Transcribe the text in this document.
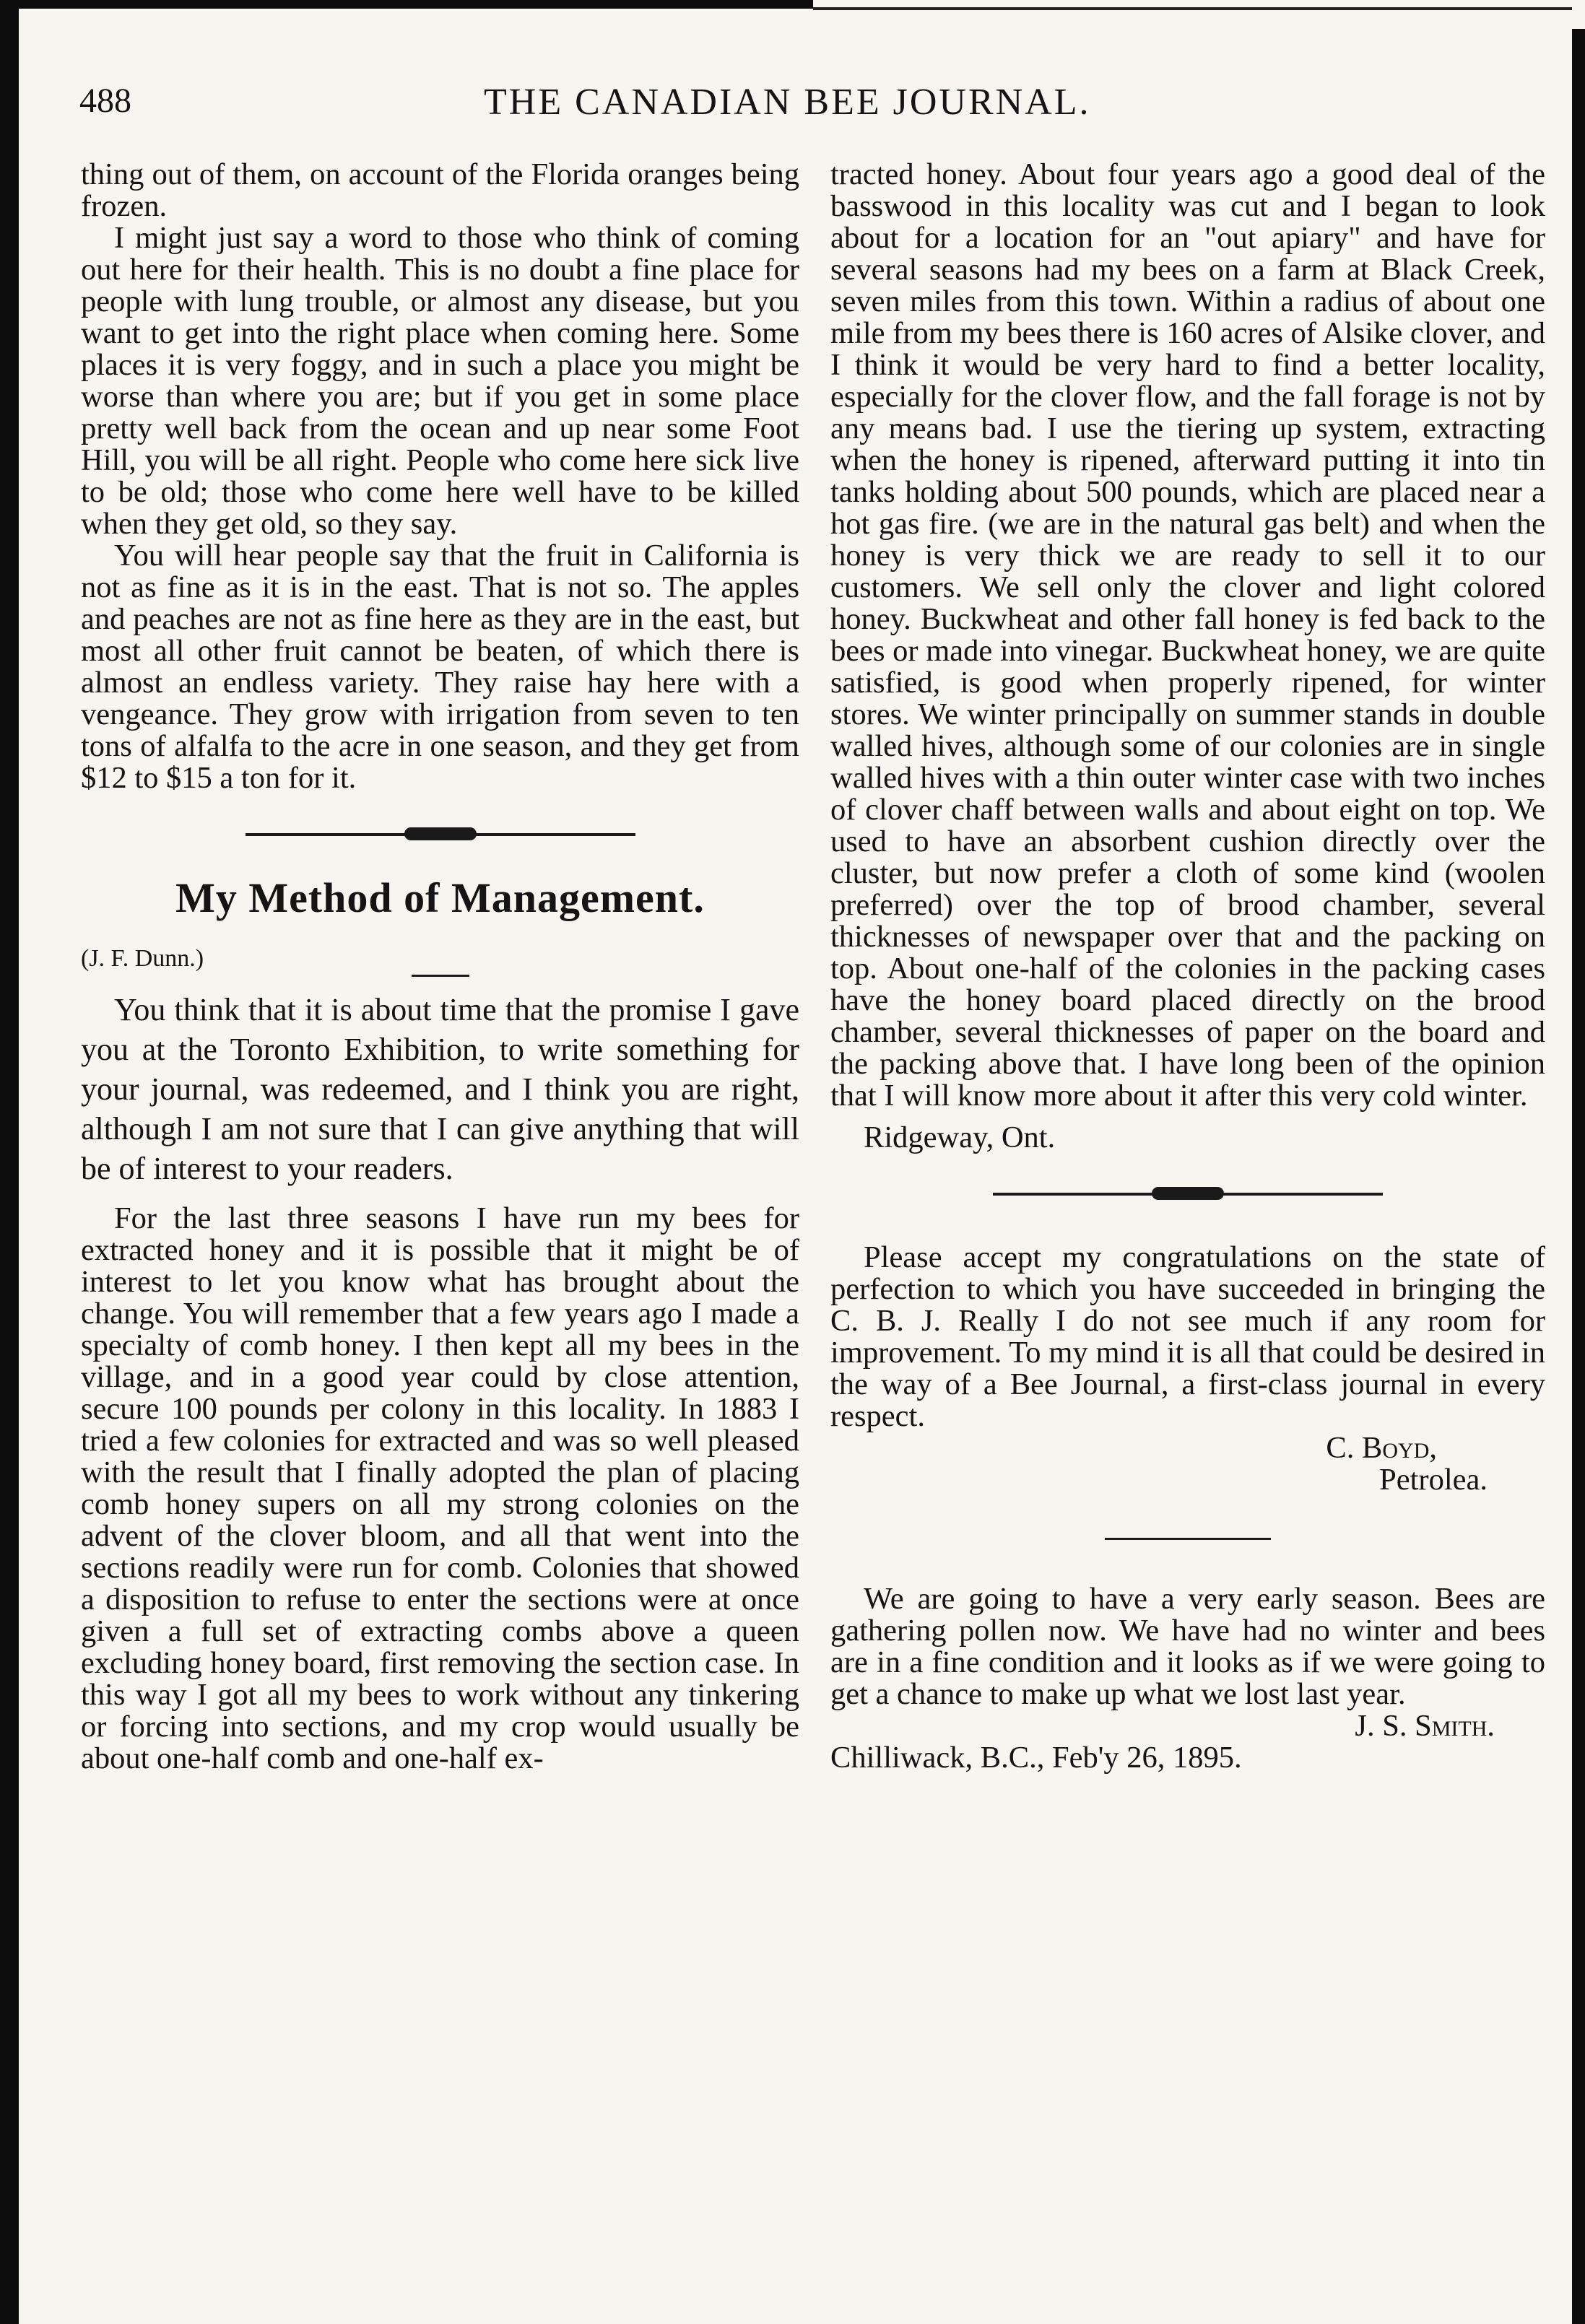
488	THE CANADIAN BEE JOURNAL.

thing out of them, on account of the Florida oranges being frozen.

I might just say a word to those who think of coming out here for their health. This is no doubt a fine place for people with lung trouble, or almost any disease, but you want to get into the right place when coming here. Some places it is very foggy, and in such a place you might be worse than where you are; but if you get in some place pretty well back from the ocean and up near some Foot Hill, you will be all right. People who come here sick live to be old; those who come here well have to be killed when they get old, so they say.

You will hear people say that the fruit in California is not as fine as it is in the east. That is not so. The apples and peaches are not as fine here as they are in the east, but most all other fruit cannot be beaten, of which there is almost an endless variety. They raise hay here with a vengeance. They grow with irrigation from seven to ten tons of alfalfa to the acre in one season, and they get from $12 to $15 a ton for it.

My Method of Management.

(J. F. Dunn.)

You think that it is about time that the promise I gave you at the Toronto Exhibition, to write something for your journal, was redeemed, and I think you are right, although I am not sure that I can give anything that will be of interest to your readers.

For the last three seasons I have run my bees for extracted honey and it is possible that it might be of interest to let you know what has brought about the change. You will remember that a few years ago I made a specialty of comb honey. I then kept all my bees in the village, and in a good year could by close attention, secure 100 pounds per colony in this locality. In 1883 I tried a few colonies for extracted and was so well pleased with the result that I finally adopted the plan of placing comb honey supers on all my strong colonies on the advent of the clover bloom, and all that went into the sections readily were run for comb. Colonies that showed a disposition to refuse to enter the sections were at once given a full set of extracting combs above a queen excluding honey board, first removing the section case. In this way I got all my bees to work without any tinkering or forcing into sections, and my crop would usually be about one-half comb and one-half ex-

tracted honey. About four years ago a good deal of the basswood in this locality was cut and I began to look about for a location for an "out apiary" and have for several seasons had my bees on a farm at Black Creek, seven miles from this town. Within a radius of about one mile from my bees there is 160 acres of Alsike clover, and I think it would be very hard to find a better locality, especially for the clover flow, and the fall forage is not by any means bad. I use the tiering up system, extracting when the honey is ripened, afterward putting it into tin tanks holding about 500 pounds, which are placed near a hot gas fire. (we are in the natural gas belt) and when the honey is very thick we are ready to sell it to our customers. We sell only the clover and light colored honey. Buckwheat and other fall honey is fed back to the bees or made into vinegar. Buckwheat honey, we are quite satisfied, is good when properly ripened, for winter stores. We winter principally on summer stands in double walled hives, although some of our colonies are in single walled hives with a thin outer winter case with two inches of clover chaff between walls and about eight on top. We used to have an absorbent cushion directly over the cluster, but now prefer a cloth of some kind (woolen preferred) over the top of brood chamber, several thicknesses of newspaper over that and the packing on top. About one-half of the colonies in the packing cases have the honey board placed directly on the brood chamber, several thicknesses of paper on the board and the packing above that. I have long been of the opinion that I will know more about it after this very cold winter.

Ridgeway, Ont.

Please accept my congratulations on the state of perfection to which you have succeeded in bringing the C. B. J. Really I do not see much if any room for improvement. To my mind it is all that could be desired in the way of a Bee Journal, a first-class journal in every respect.

C. Boyd,

Petrolea.

We are going to have a very early season. Bees are gathering pollen now. We have had no winter and bees are in a fine condition and it looks as if we were going to get a chance to make up what we lost last year.

J. S. Smith.

Chilliwack, B.C., Feb'y 26, 1895.
